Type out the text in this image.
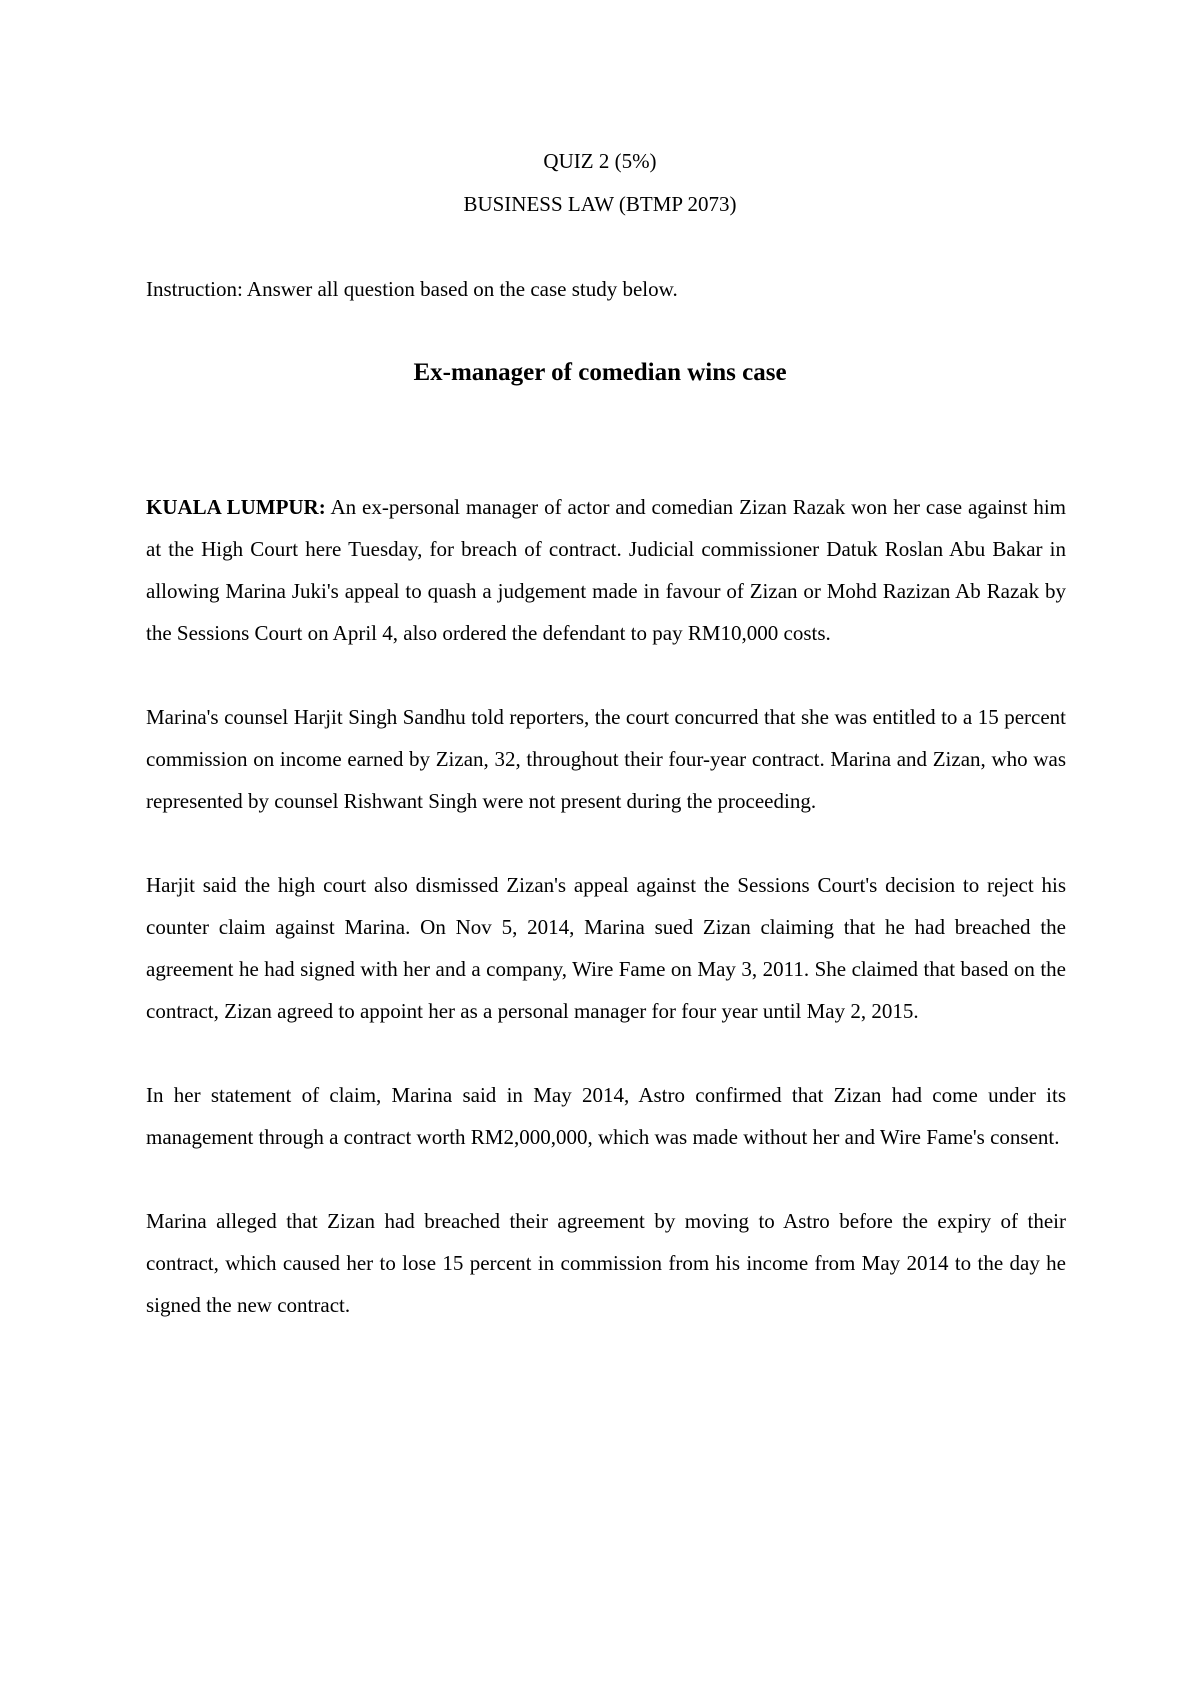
QUIZ 2 (5%)
BUSINESS LAW (BTMP 2073)
Instruction: Answer all question based on the case study below.
Ex-manager of comedian wins case

KUALA LUMPUR: An ex-personal manager of actor and comedian Zizan Razak won her case against him at the High Court here Tuesday, for breach of contract. Judicial commissioner Datuk Roslan Abu Bakar in allowing Marina Juki's appeal to quash a judgement made in favour of Zizan or Mohd Razizan Ab Razak by the Sessions Court on April 4, also ordered the defendant to pay RM10,000 costs.

Marina's counsel Harjit Singh Sandhu told reporters, the court concurred that she was entitled to a 15 percent commission on income earned by Zizan, 32, throughout their four-year contract. Marina and Zizan, who was represented by counsel Rishwant Singh were not present during the proceeding.

Harjit said the high court also dismissed Zizan's appeal against the Sessions Court's decision to reject his counter claim against Marina. On Nov 5, 2014, Marina sued Zizan claiming that he had breached the agreement he had signed with her and a company, Wire Fame on May 3, 2011. She claimed that based on the contract, Zizan agreed to appoint her as a personal manager for four year until May 2, 2015.

In her statement of claim, Marina said in May 2014, Astro confirmed that Zizan had come under its management through a contract worth RM2,000,000, which was made without her and Wire Fame's consent.

Marina alleged that Zizan had breached their agreement by moving to Astro before the expiry of their contract, which caused her to lose 15 percent in commission from his income from May 2014 to the day he signed the new contract.
